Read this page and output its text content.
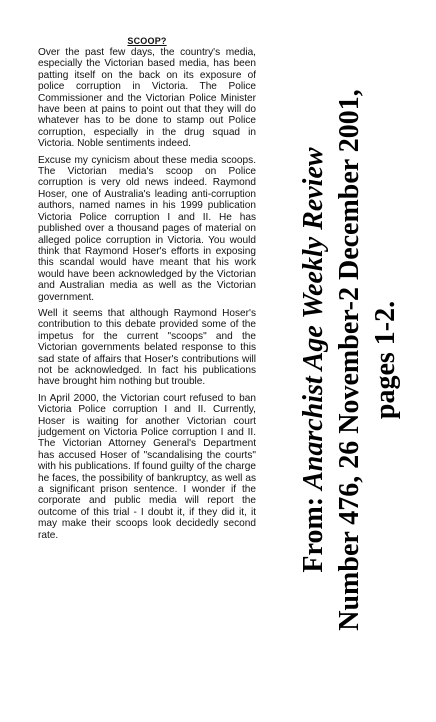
SCOOP?

Over the past few days, the country's media, especially the Victorian based media, has been patting itself on the back on its exposure of police corruption in Victoria. The Police Commissioner and the Victorian Police Minister have been at pains to point out that they will do whatever has to be done to stamp out Police corruption, especially in the drug squad in Victoria. Noble sentiments indeed.

Excuse my cynicism about these media scoops. The Victorian media's scoop on Police corruption is very old news indeed. Raymond Hoser, one of Australia's leading anti-corruption authors, named names in his 1999 publication Victoria Police corruption I and II. He has published over a thousand pages of material on alleged police corruption in Victoria. You would think that Raymond Hoser's efforts in exposing this scandal would have meant that his work would have been acknowledged by the Victorian and Australian media as well as the Victorian government.

Well it seems that although Raymond Hoser's contribution to this debate provided some of the impetus for the current "scoops" and the Victorian governments belated response to this sad state of affairs that Hoser's contributions will not be acknowledged. In fact his publications have brought him nothing but trouble.

In April 2000, the Victorian court refused to ban Victoria Police corruption I and II. Currently, Hoser is waiting for another Victorian court judgement on Victoria Police corruption I and II. The Victorian Attorney General's Department has accused Hoser of "scandalising the courts" with his publications. If found guilty of the charge he faces, the possibility of bankruptcy, as well as a significant prison sentence. I wonder if the corporate and public media will report the outcome of this trial - I doubt it, if they did it, it may make their scoops look decidedly second rate.	From: Anarchist Age Weekly Review Number 476, 26 November-2 December 2001, pages 1-2.
